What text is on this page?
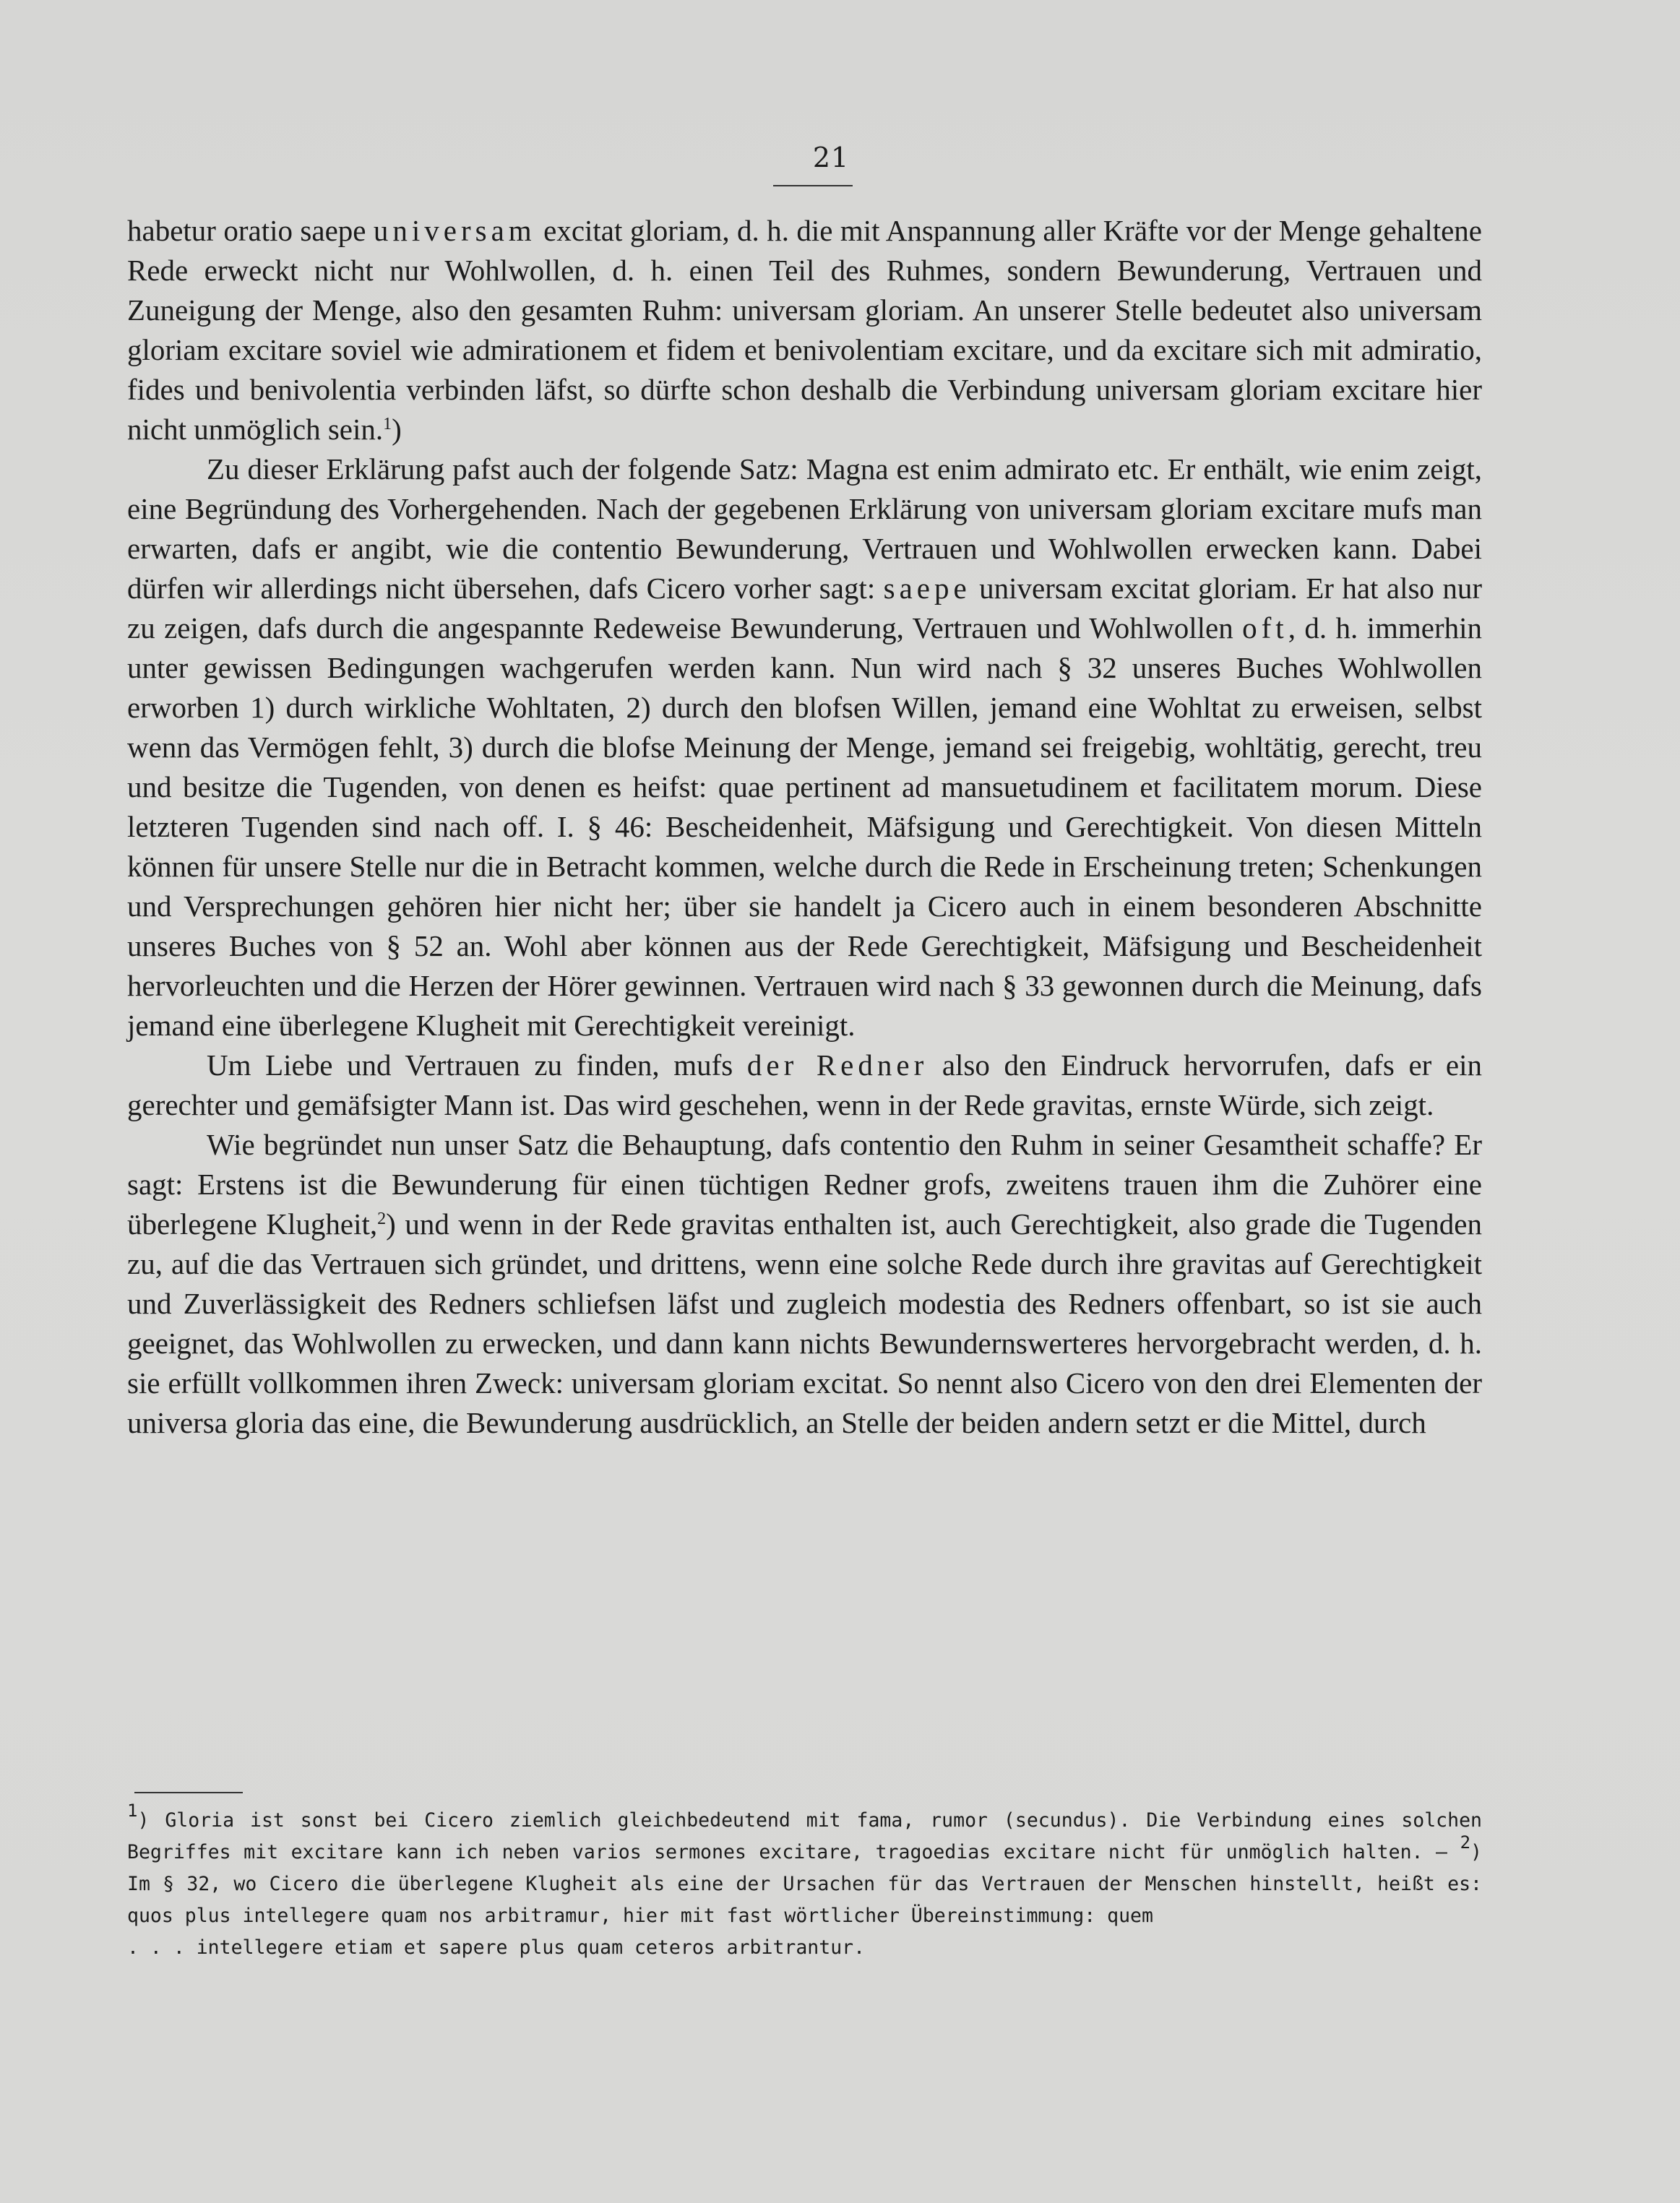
21

habetur oratio saepe universam excitat gloriam, d. h. die mit Anspannung aller Kräfte vor der Menge gehaltene Rede erweckt nicht nur Wohlwollen, d. h. einen Teil des Ruhmes, sondern Bewunderung, Vertrauen und Zuneigung der Menge, also den gesamten Ruhm: universam gloriam. An unserer Stelle bedeutet also universam gloriam excitare soviel wie admirationem et fidem et benivolentiam excitare, und da excitare sich mit admiratio, fides und benivolentia verbinden läfst, so dürfte schon deshalb die Verbindung universam gloriam excitare hier nicht unmöglich sein.$^1$)

Zu dieser Erklärung pafst auch der folgende Satz: Magna est enim admirato etc. Er enthält, wie enim zeigt, eine Begründung des Vorhergehenden. Nach der gegebenen Erklärung von universam gloriam excitare mufs man erwarten, dafs er angibt, wie die contentio Bewunderung, Vertrauen und Wohlwollen erwecken kann. Dabei dürfen wir allerdings nicht übersehen, dafs Cicero vorher sagt: saepe universam excitat gloriam. Er hat also nur zu zeigen, dafs durch die angespannte Redeweise Bewunderung, Vertrauen und Wohlwollen oft, d. h. immerhin unter gewissen Bedingungen wachgerufen werden kann. Nun wird nach § 32 unseres Buches Wohlwollen erworben 1) durch wirkliche Wohltaten, 2) durch den blofsen Willen, jemand eine Wohltat zu erweisen, selbst wenn das Vermögen fehlt, 3) durch die blofse Meinung der Menge, jemand sei freigebig, wohltätig, gerecht, treu und besitze die Tugenden, von denen es heifst: quae pertinent ad mansuetudinem et facilitatem morum. Diese letzteren Tugenden sind nach off. I. § 46: Bescheidenheit, Mäfsigung und Gerechtigkeit. Von diesen Mitteln können für unsere Stelle nur die in Betracht kommen, welche durch die Rede in Erscheinung treten; Schenkungen und Versprechungen gehören hier nicht her; über sie handelt ja Cicero auch in einem besonderen Abschnitte unseres Buches von § 52 an. Wohl aber können aus der Rede Gerechtigkeit, Mäfsigung und Bescheidenheit hervorleuchten und die Herzen der Hörer gewinnen. Vertrauen wird nach § 33 gewonnen durch die Meinung, dafs jemand eine überlegene Klugheit mit Gerechtigkeit vereinigt.

Um Liebe und Vertrauen zu finden, mufs der Redner also den Eindruck hervorrufen, dafs er ein gerechter und gemäfsigter Mann ist. Das wird geschehen, wenn in der Rede gravitas, ernste Würde, sich zeigt.

Wie begründet nun unser Satz die Behauptung, dafs contentio den Ruhm in seiner Gesamtheit schaffe? Er sagt: Erstens ist die Bewunderung für einen tüchtigen Redner grofs, zweitens trauen ihm die Zuhörer eine überlegene Klugheit,$^2$) und wenn in der Rede gravitas enthalten ist, auch Gerechtigkeit, also grade die Tugenden zu, auf die das Vertrauen sich gründet, und drittens, wenn eine solche Rede durch ihre gravitas auf Gerechtigkeit und Zuverlässigkeit des Redners schliefsen läfst und zugleich modestia des Redners offenbart, so ist sie auch geeignet, das Wohlwollen zu erwecken, und dann kann nichts Bewundernswerteres hervorgebracht werden, d. h. sie erfüllt vollkommen ihren Zweck: universam gloriam excitat. So nennt also Cicero von den drei Elementen der universa gloria das eine, die Bewunderung ausdrücklich, an Stelle der beiden andern setzt er die Mittel, durch

$^1$) Gloria ist sonst bei Cicero ziemlich gleichbedeutend mit fama, rumor (secundus). Die Verbindung eines solchen Begriffes mit excitare kann ich neben varios sermones excitare, tragoedias excitare nicht für unmöglich halten. — $^2$) Im § 32, wo Cicero die überlegene Klugheit als eine der Ursachen für das Vertrauen der Menschen hinstellt, heißt es: quos plus intellegere quam nos arbitramur, hier mit fast wörtlicher Übereinstimmung: quem

. . . intellegere etiam et sapere plus quam ceteros arbitrantur.
